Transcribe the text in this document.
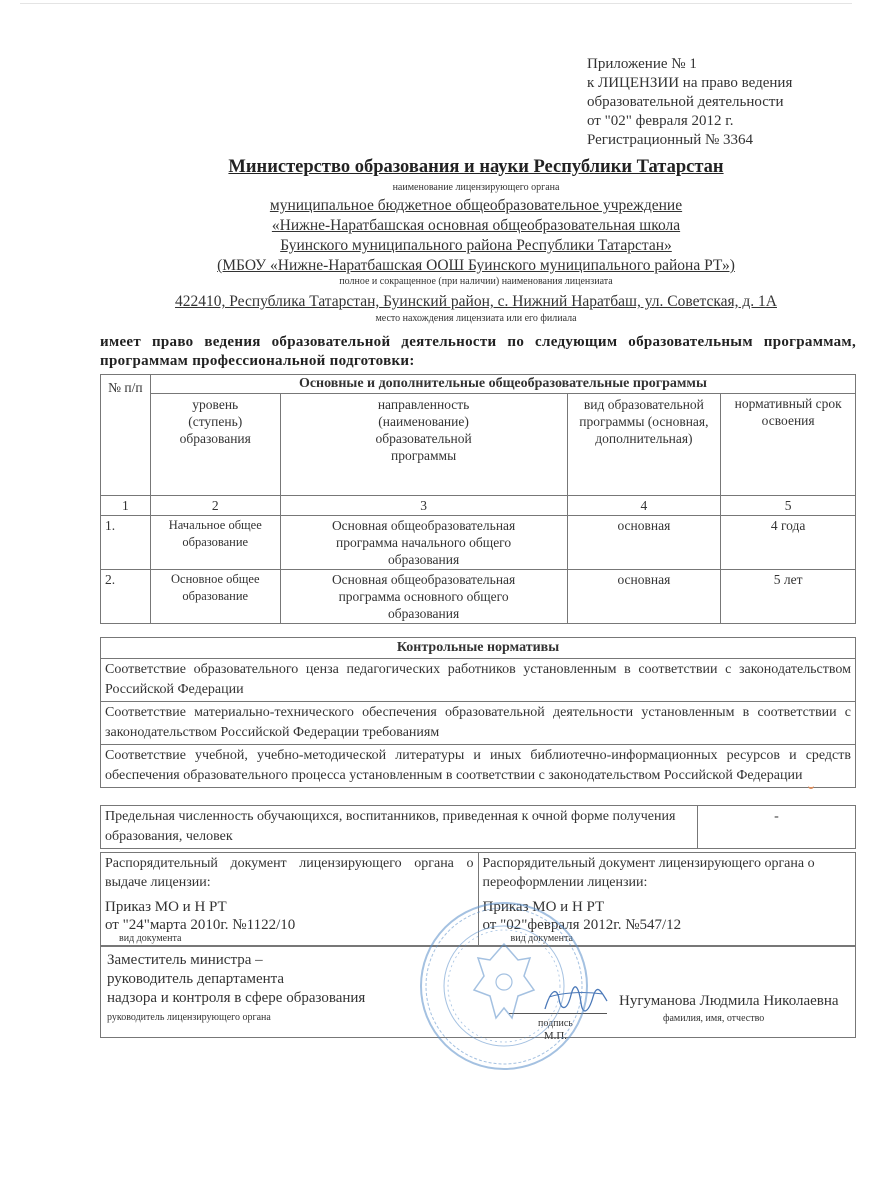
Приложение № 1
к ЛИЦЕНЗИИ на право ведения
образовательной деятельности
от "02" февраля 2012 г.
Регистрационный № 3364
Министерство образования и науки Республики Татарстан
наименование лицензирующего органа
муниципальное бюджетное общеобразовательное учреждение
«Нижне-Наратбашская основная общеобразовательная школа
Буинского муниципального района Республики Татарстан»
(МБОУ «Нижне-Наратбашская ООШ Буинского муниципального района РТ»)
полное и сокращенное (при наличии) наименования лицензиата
422410, Республика Татарстан, Буинский район, с. Нижний Наратбаш, ул. Советская, д. 1А
место нахождения лицензиата или его филиала
имеет право ведения образовательной деятельности по следующим образовательным программам, программам профессиональной подготовки:
№ п/п	Основные и дополнительные общеобразовательные программы			
	уровень (ступень) образования	направленность (наименование) образовательной программы	вид образовательной программы (основная, дополнительная)	нормативный срок освоения
1	2	3	4	5
1.	Начальное общее образование	Основная общеобразовательная программа начального общего образования	основная	4 года
2.	Основное общее образование	Основная общеобразовательная программа основного общего образования	основная	5 лет
Контрольные нормативы
Соответствие образовательного ценза педагогических работников установленным в соответствии с законодательством Российской Федерации
Соответствие материально-технического обеспечения образовательной деятельности установленным в соответствии с законодательством Российской Федерации требованиям
Соответствие учебной, учебно-методической литературы и иных библиотечно-информационных ресурсов и средств обеспечения образовательного процесса установленным в соответствии с законодательством Российской Федерации
Предельная численность обучающихся, воспитанников, приведенная к очной форме получения образования, человек	-
Распорядительный документ лицензирующего органа о выдаче лицензии:
Приказ МО и Н РТ
от "24"марта 2010г. №1122/10
вид документа

Распорядительный документ лицензирующего органа о переоформлении лицензии:
Приказ МО и Н РТ
от "02"февраля 2012г. №547/12
вид документа
Заместитель министра –
руководитель департамента
надзора и контроля в сфере образования
руководитель лицензирующего органа
подпись
М.П.
Нугуманова Людмила Николаевна
фамилия, имя, отчество
